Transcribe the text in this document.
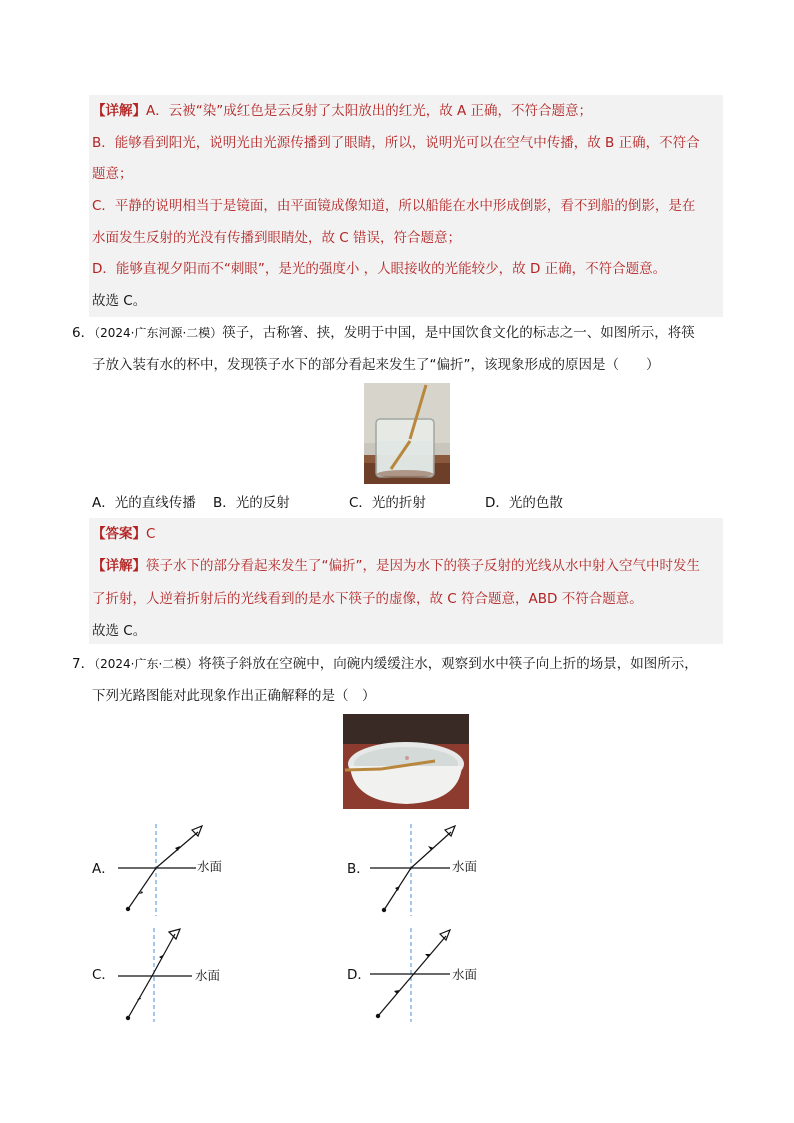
【详解】A．云被“染”成红色是云反射了太阳放出的红光，故 A 正确，不符合题意；
B．能够看到阳光，说明光由光源传播到了眼睛，所以，说明光可以在空气中传播，故 B 正确，不符合
题意；
C．平静的说明相当于是镜面，由平面镜成像知道，所以船能在水中形成倒影，看不到船的倒影，是在
水面发生反射的光没有传播到眼睛处，故 C 错误，符合题意；
D．能够直视夕阳而不“刺眼”，是光的强度小 ，人眼接收的光能较少，故 D 正确，不符合题意。
故选 C。
6．（2024·广东河源·二模）筷子，古称箸、挟，发明于中国，是中国饮食文化的标志之一、如图所示，将筷
子放入装有水的杯中，发现筷子水下的部分看起来发生了“偏折”，该现象形成的原因是（　　）
A．光的直线传播 B．光的反射	C．光的折射	D．光的色散
【答案】C
【详解】筷子水下的部分看起来发生了“偏折”，是因为水下的筷子反射的光线从水中射入空气中时发生
了折射，人逆着折射后的光线看到的是水下筷子的虚像，故 C 符合题意，ABD 不符合题意。
故选 C。
7．（2024·广东·二模）将筷子斜放在空碗中，向碗内缓缓注水，观察到水中筷子向上折的场景，如图所示，
下列光路图能对此现象作出正确解释的是（　）
A．	水面	B．	水面
C．	水面	D．	水面
